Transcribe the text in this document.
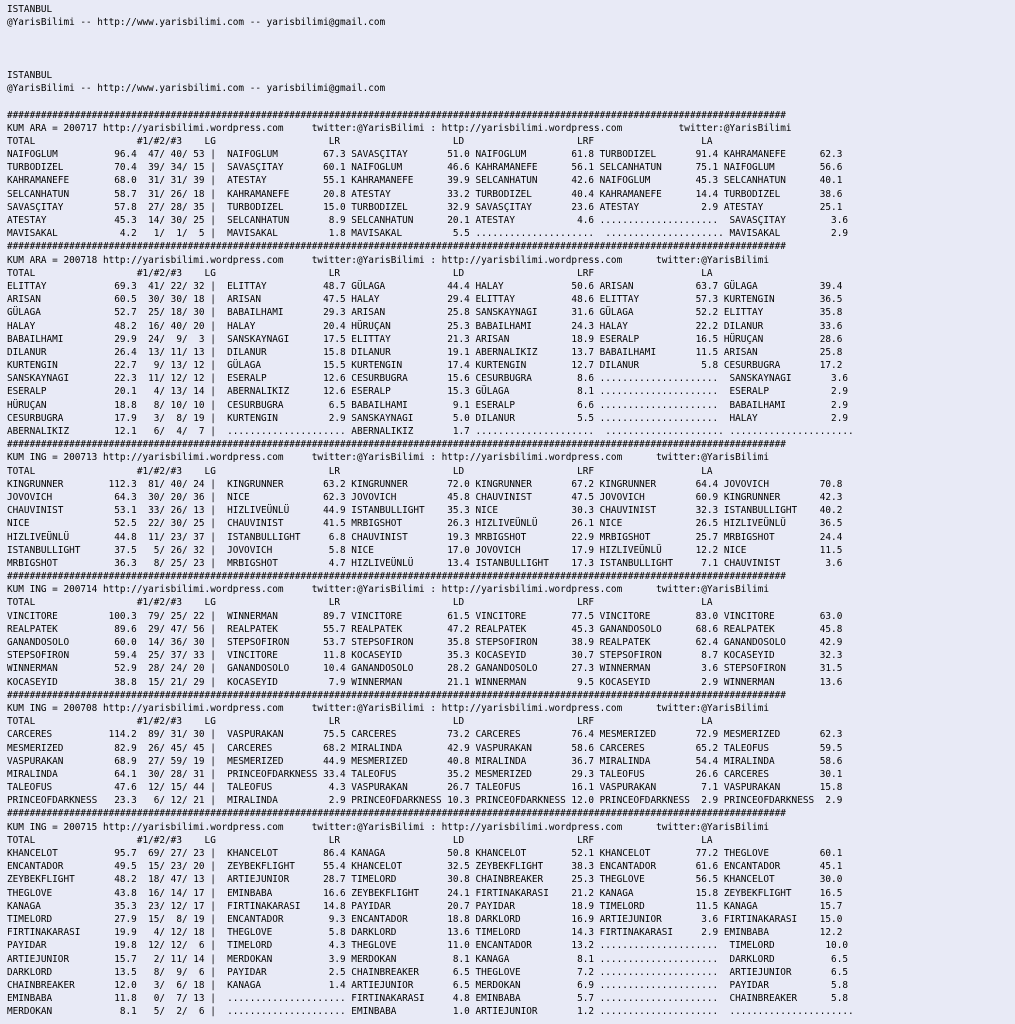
ISTANBUL
@YarisBilimi -- http://www.yarisbilimi.com -- yarisbilimi@gmail.com
ISTANBUL
@YarisBilimi -- http://www.yarisbilimi.com -- yarisbilimi@gmail.com
##########################################################################################################################################
KUM ARA = 200717 http://yarisbilimi.wordpress.com     twitter:@YarisBilimi : http://yarisbilimi.wordpress.com          twitter:@YarisBilimi
TOTAL                  #1/#2/#3    LG                    LR                    LD                    LRF                   LA
NAIFOGLUM          96.4  47/ 40/ 53 |  NAIFOGLUM        67.3 SAVASÇITAY       51.0 NAIFOGLUM        61.8 TURBODIZEL       91.4 KAHRAMANEFE      62.3
TURBODIZEL         70.4  39/ 34/ 15 |  SAVASÇITAY       60.1 NAIFOGLUM        46.6 KAHRAMANEFE      56.1 SELCANHATUN      75.1 NAIFOGLUM        56.6
KAHRAMANEFE        68.0  31/ 31/ 39 |  ATESTAY          55.1 KAHRAMANEFE      39.9 SELCANHATUN      42.6 NAIFOGLUM        45.3 SELCANHATUN      40.1
SELCANHATUN        58.7  31/ 26/ 18 |  KAHRAMANEFE      20.8 ATESTAY          33.2 TURBODIZEL       40.4 KAHRAMANEFE      14.4 TURBODIZEL       38.6
SAVASÇITAY         57.8  27/ 28/ 35 |  TURBODIZEL       15.0 TURBODIZEL       32.9 SAVASÇITAY       23.6 ATESTAY           2.9 ATESTAY          25.1
ATESTAY            45.3  14/ 30/ 25 |  SELCANHATUN       8.9 SELCANHATUN      20.1 ATESTAY           4.6 .....................  SAVASÇITAY        3.6
MAVISAKAL           4.2   1/  1/  5 |  MAVISAKAL         1.8 MAVISAKAL         5.5 .....................  ..................... MAVISAKAL         2.9
##########################################################################################################################################
KUM ARA = 200718 http://yarisbilimi.wordpress.com     twitter:@YarisBilimi : http://yarisbilimi.wordpress.com      twitter:@YarisBilimi
TOTAL                  #1/#2/#3    LG                    LR                    LD                    LRF                   LA
ELITTAY            69.3  41/ 22/ 32 |  ELITTAY          48.7 GÜLAGA           44.4 HALAY            50.6 ARISAN           63.7 GÜLAGA           39.4
ARISAN             60.5  30/ 30/ 18 |  ARISAN           47.5 HALAY            29.4 ELITTAY          48.6 ELITTAY          57.3 KURTENGIN        36.5
GÜLAGA             52.7  25/ 18/ 30 |  BABAILHAMI       29.3 ARISAN           25.8 SANSKAYNAGI      31.6 GÜLAGA           52.2 ELITTAY          35.8
HALAY              48.2  16/ 40/ 20 |  HALAY            20.4 HÜRUÇAN          25.3 BABAILHAMI       24.3 HALAY            22.2 DILANUR          33.6
BABAILHAMI         29.9  24/  9/  3 |  SANSKAYNAGI      17.5 ELITTAY          21.3 ARISAN           18.9 ESERALP          16.5 HÜRUÇAN          28.6
DILANUR            26.4  13/ 11/ 13 |  DILANUR          15.8 DILANUR          19.1 ABERNALIKIZ      13.7 BABAILHAMI       11.5 ARISAN           25.8
KURTENGIN          22.7   9/ 13/ 12 |  GÜLAGA           15.5 KURTENGIN        17.4 KURTENGIN        12.7 DILANUR           5.8 CESURBUGRA       17.2
SANSKAYNAGI        22.3  11/ 12/ 12 |  ESERALP          12.6 CESURBUGRA       15.6 CESURBUGRA        8.6 .....................  SANSKAYNAGI       3.6
ESERALP            20.1   4/ 13/ 14 |  ABERNALIKIZ      12.6 ESERALP          15.3 GÜLAGA            8.1 .....................  ESERALP           2.9
HÜRUÇAN            18.8   8/ 10/ 10 |  CESURBUGRA        6.5 BABAILHAMI        9.1 ESERALP           6.6 .....................  BABAILHAMI        2.9
CESURBUGRA         17.9   3/  8/ 19 |  KURTENGIN         2.9 SANSKAYNAGI       5.0 DILANUR           5.5 .....................  HALAY             2.9
ABERNALIKIZ        12.1   6/  4/  7 |  ..................... ABERNALIKIZ       1.7 .....................  ..................... ......................
##########################################################################################################################################
KUM ING = 200713 http://yarisbilimi.wordpress.com     twitter:@YarisBilimi : http://yarisbilimi.wordpress.com      twitter:@YarisBilimi
TOTAL                  #1/#2/#3    LG                    LR                    LD                    LRF                   LA
KINGRUNNER        112.3  81/ 40/ 24 |  KINGRUNNER       63.2 KINGRUNNER       72.0 KINGRUNNER       67.2 KINGRUNNER       64.4 JOVOVICH         70.8
JOVOVICH           64.3  30/ 20/ 36 |  NICE             62.3 JOVOVICH         45.8 CHAUVINIST       47.5 JOVOVICH         60.9 KINGRUNNER       42.3
CHAUVINIST         53.1  33/ 26/ 13 |  HIZLIVEÜNLÜ      44.9 ISTANBULLIGHT    35.3 NICE             30.3 CHAUVINIST       32.3 ISTANBULLIGHT    40.2
NICE               52.5  22/ 30/ 25 |  CHAUVINIST       41.5 MRBIGSHOT        26.3 HIZLIVEÜNLÜ      26.1 NICE             26.5 HIZLIVEÜNLÜ      36.5
HIZLIVEÜNLÜ        44.8  11/ 23/ 37 |  ISTANBULLIGHT     6.8 CHAUVINIST       19.3 MRBIGSHOT        22.9 MRBIGSHOT        25.7 MRBIGSHOT        24.4
ISTANBULLIGHT      37.5   5/ 26/ 32 |  JOVOVICH          5.8 NICE             17.0 JOVOVICH         17.9 HIZLIVEÜNLÜ      12.2 NICE             11.5
MRBIGSHOT          36.3   8/ 25/ 23 |  MRBIGSHOT         4.7 HIZLIVEÜNLÜ      13.4 ISTANBULLIGHT    17.3 ISTANBULLIGHT     7.1 CHAUVINIST        3.6
##########################################################################################################################################
KUM ING = 200714 http://yarisbilimi.wordpress.com     twitter:@YarisBilimi : http://yarisbilimi.wordpress.com      twitter:@YarisBilimi
TOTAL                  #1/#2/#3    LG                    LR                    LD                    LRF                   LA
VINCITORE         100.3  79/ 25/ 22 |  WINNERMAN        89.7 VINCITORE        61.5 VINCITORE        77.5 VINCITORE        83.0 VINCITORE        63.0
REALPATEK          89.6  29/ 47/ 56 |  REALPATEK        55.7 REALPATEK        47.2 REALPATEK        45.3 GANANDOSOLO      68.6 REALPATEK        45.8
GANANDOSOLO        60.0  14/ 36/ 30 |  STEPSOFIRON      53.7 STEPSOFIRON      35.8 STEPSOFIRON      38.9 REALPATEK        62.4 GANANDOSOLO      42.9
STEPSOFIRON        59.4  25/ 37/ 33 |  VINCITORE        11.8 KOCASEYID        35.3 KOCASEYID        30.7 STEPSOFIRON       8.7 KOCASEYID        32.3
WINNERMAN          52.9  28/ 24/ 20 |  GANANDOSOLO      10.4 GANANDOSOLO      28.2 GANANDOSOLO      27.3 WINNERMAN         3.6 STEPSOFIRON      31.5
KOCASEYID          38.8  15/ 21/ 29 |  KOCASEYID         7.9 WINNERMAN        21.1 WINNERMAN         9.5 KOCASEYID         2.9 WINNERMAN        13.6
##########################################################################################################################################
KUM ING = 200708 http://yarisbilimi.wordpress.com     twitter:@YarisBilimi : http://yarisbilimi.wordpress.com      twitter:@YarisBilimi
TOTAL                  #1/#2/#3    LG                    LR                    LD                    LRF                   LA
CARCERES          114.2  89/ 31/ 30 |  VASPURAKAN       75.5 CARCERES         73.2 CARCERES         76.4 MESMERIZED       72.9 MESMERIZED       62.3
MESMERIZED         82.9  26/ 45/ 45 |  CARCERES         68.2 MIRALINDA        42.9 VASPURAKAN       58.6 CARCERES         65.2 TALEOFUS         59.5
VASPURAKAN         68.9  27/ 59/ 19 |  MESMERIZED       44.9 MESMERIZED       40.8 MIRALINDA        36.7 MIRALINDA        54.4 MIRALINDA        58.6
MIRALINDA          64.1  30/ 28/ 31 |  PRINCEOFDARKNESS 33.4 TALEOFUS         35.2 MESMERIZED       29.3 TALEOFUS         26.6 CARCERES         30.1
TALEOFUS           47.6  12/ 15/ 44 |  TALEOFUS          4.3 VASPURAKAN       26.7 TALEOFUS         16.1 VASPURAKAN        7.1 VASPURAKAN       15.8
PRINCEOFDARKNESS   23.3   6/ 12/ 21 |  MIRALINDA         2.9 PRINCEOFDARKNESS 10.3 PRINCEOFDARKNESS 12.0 PRINCEOFDARKNESS  2.9 PRINCEOFDARKNESS  2.9
##########################################################################################################################################
KUM ING = 200715 http://yarisbilimi.wordpress.com     twitter:@YarisBilimi : http://yarisbilimi.wordpress.com      twitter:@YarisBilimi
TOTAL                  #1/#2/#3    LG                    LR                    LD                    LRF                   LA
KHANCELOT          95.7  69/ 27/ 23 |  KHANCELOT        86.4 KANAGA           50.8 KHANCELOT        52.1 KHANCELOT        77.2 THEGLOVE         60.1
ENCANTADOR         49.5  15/ 23/ 20 |  ZEYBEKFLIGHT     55.4 KHANCELOT        32.5 ZEYBEKFLIGHT     38.3 ENCANTADOR       61.6 ENCANTADOR       45.1
ZEYBEKFLIGHT       48.2  18/ 47/ 13 |  ARTIEJUNIOR      28.7 TIMELORD         30.8 CHAINBREAKER     25.3 THEGLOVE         56.5 KHANCELOT        30.0
THEGLOVE           43.8  16/ 14/ 17 |  EMINBABA         16.6 ZEYBEKFLIGHT     24.1 FIRTINAKARASI    21.2 KANAGA           15.8 ZEYBEKFLIGHT     16.5
KANAGA             35.3  23/ 12/ 17 |  FIRTINAKARASI    14.8 PAYIDAR          20.7 PAYIDAR          18.9 TIMELORD         11.5 KANAGA           15.7
TIMELORD           27.9  15/  8/ 19 |  ENCANTADOR        9.3 ENCANTADOR       18.8 DARKLORD         16.9 ARTIEJUNIOR       3.6 FIRTINAKARASI    15.0
FIRTINAKARASI      19.9   4/ 12/ 18 |  THEGLOVE          5.8 DARKLORD         13.6 TIMELORD         14.3 FIRTINAKARASI     2.9 EMINBABA         12.2
PAYIDAR            19.8  12/ 12/  6 |  TIMELORD          4.3 THEGLOVE         11.0 ENCANTADOR       13.2 .....................  TIMELORD         10.0
ARTIEJUNIOR        15.7   2/ 11/ 14 |  MERDOKAN          3.9 MERDOKAN          8.1 KANAGA            8.1 .....................  DARKLORD          6.5
DARKLORD           13.5   8/  9/  6 |  PAYIDAR           2.5 CHAINBREAKER      6.5 THEGLOVE          7.2 .....................  ARTIEJUNIOR       6.5
CHAINBREAKER       12.0   3/  6/ 18 |  KANAGA            1.4 ARTIEJUNIOR       6.5 MERDOKAN          6.9 .....................  PAYIDAR           5.8
EMINBABA           11.8   0/  7/ 13 |  ..................... FIRTINAKARASI     4.8 EMINBABA          5.7 .....................  CHAINBREAKER      5.8
MERDOKAN            8.1   5/  2/  6 |  ..................... EMINBABA          1.0 ARTIEJUNIOR       1.2 .....................  ......................
